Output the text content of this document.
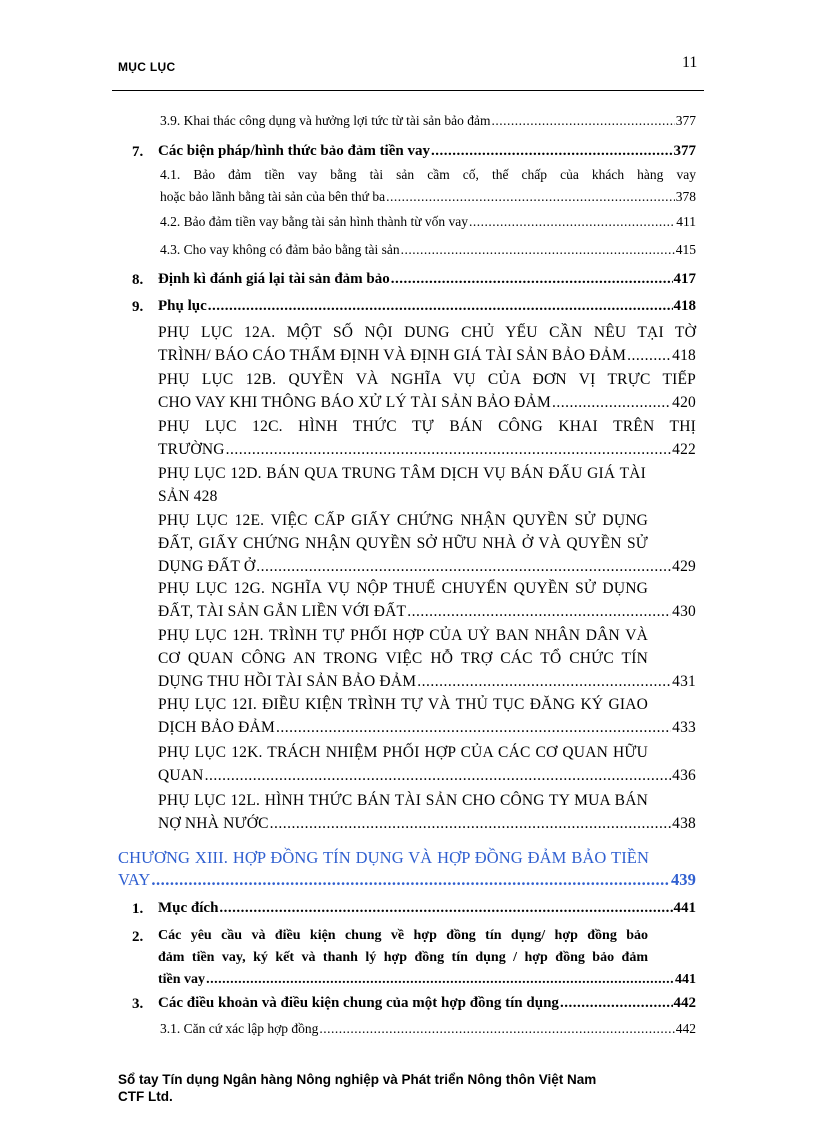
MỤC LỤC	11
3.9. Khai thác công dụng và hưởng lợi tức từ tài sản bảo đảm .....	377
7. Các biện pháp/hình thức bảo đảm tiền vay .....	377
4.1. Bảo đảm tiền vay bằng tài sản cầm cố, thế chấp của khách hàng vay
hoặc bảo lãnh bằng tài sản của bên thứ ba .....	378
4.2. Bảo đảm tiền vay bằng tài sản hình thành từ vốn vay .....	411
4.3. Cho vay không có đảm bảo bằng tài sản .....	415
8. Định kì đánh giá lại tài sản đảm bảo .....	417
9. Phụ lục .....	418
PHỤ LỤC 12A. MỘT SỐ NỘI DUNG CHỦ YẾU CẦN NÊU TẠI TỜ
TRÌNH/ BÁO CÁO THẨM ĐỊNH VÀ ĐỊNH GIÁ TÀI SẢN BẢO ĐẢM .....	418
PHỤ LỤC 12B. QUYỀN VÀ NGHĨA VỤ CỦA ĐƠN VỊ TRỰC TIẾP
CHO VAY KHI THÔNG BÁO XỬ LÝ TÀI SẢN BẢO ĐẢM .....	420
PHỤ LỤC 12C. HÌNH THỨC TỰ BÁN CÔNG KHAI TRÊN THỊ
TRƯỜNG .....	422
PHỤ LỤC 12D. BÁN QUA TRUNG TÂM DỊCH VỤ BÁN ĐẤU GIÁ TÀI
SẢN 428
PHỤ LỤC 12E. VIỆC CẤP GIẤY CHỨNG NHẬN QUYỀN SỬ DỤNG
ĐẤT, GIẤY CHỨNG NHẬN QUYỀN SỞ HỮU NHÀ Ở VÀ QUYỀN SỬ
DỤNG ĐẤT Ở .....	429
PHỤ LỤC 12G. NGHĨA VỤ NỘP THUẾ CHUYỂN QUYỀN SỬ DỤNG
ĐẤT, TÀI SẢN GẮN LIỀN VỚI ĐẤT .....	430
PHỤ LỤC 12H. TRÌNH TỰ PHỐI HỢP CỦA UỶ BAN NHÂN DÂN VÀ
CƠ QUAN CÔNG AN TRONG VIỆC HỖ TRỢ CÁC TỔ CHỨC TÍN
DỤNG THU HỒI TÀI SẢN BẢO ĐẢM .....	431
PHỤ LỤC 12I. ĐIỀU KIỆN TRÌNH TỰ VÀ THỦ TỤC ĐĂNG KÝ GIAO
DỊCH BẢO ĐẢM .....	433
PHỤ LỤC 12K. TRÁCH NHIỆM PHỐI HỢP CỦA CÁC CƠ QUAN HỮU
QUAN .....	436
PHỤ LỤC 12L. HÌNH THỨC BÁN TÀI SẢN CHO CÔNG TY MUA BÁN
NỢ NHÀ NƯỚC .....	438
CHƯƠNG XIII. HỢP ĐỒNG TÍN DỤNG VÀ HỢP ĐỒNG ĐẢM BẢO TIỀN
VAY .....	439
1. Mục đích .....	441
2. Các yêu cầu và điều kiện chung về hợp đồng tín dụng/ hợp đồng bảo
đảm tiền vay, ký kết và thanh lý hợp đồng tín dụng / hợp đồng bảo đảm
tiền vay .....	441
3. Các điều khoản và điều kiện chung của một hợp đồng tín dụng .....	442
3.1. Căn cứ xác lập hợp đồng .....	442
Sổ tay Tín dụng Ngân hàng Nông nghiệp và Phát triển Nông thôn Việt Nam
CTF Ltd.
